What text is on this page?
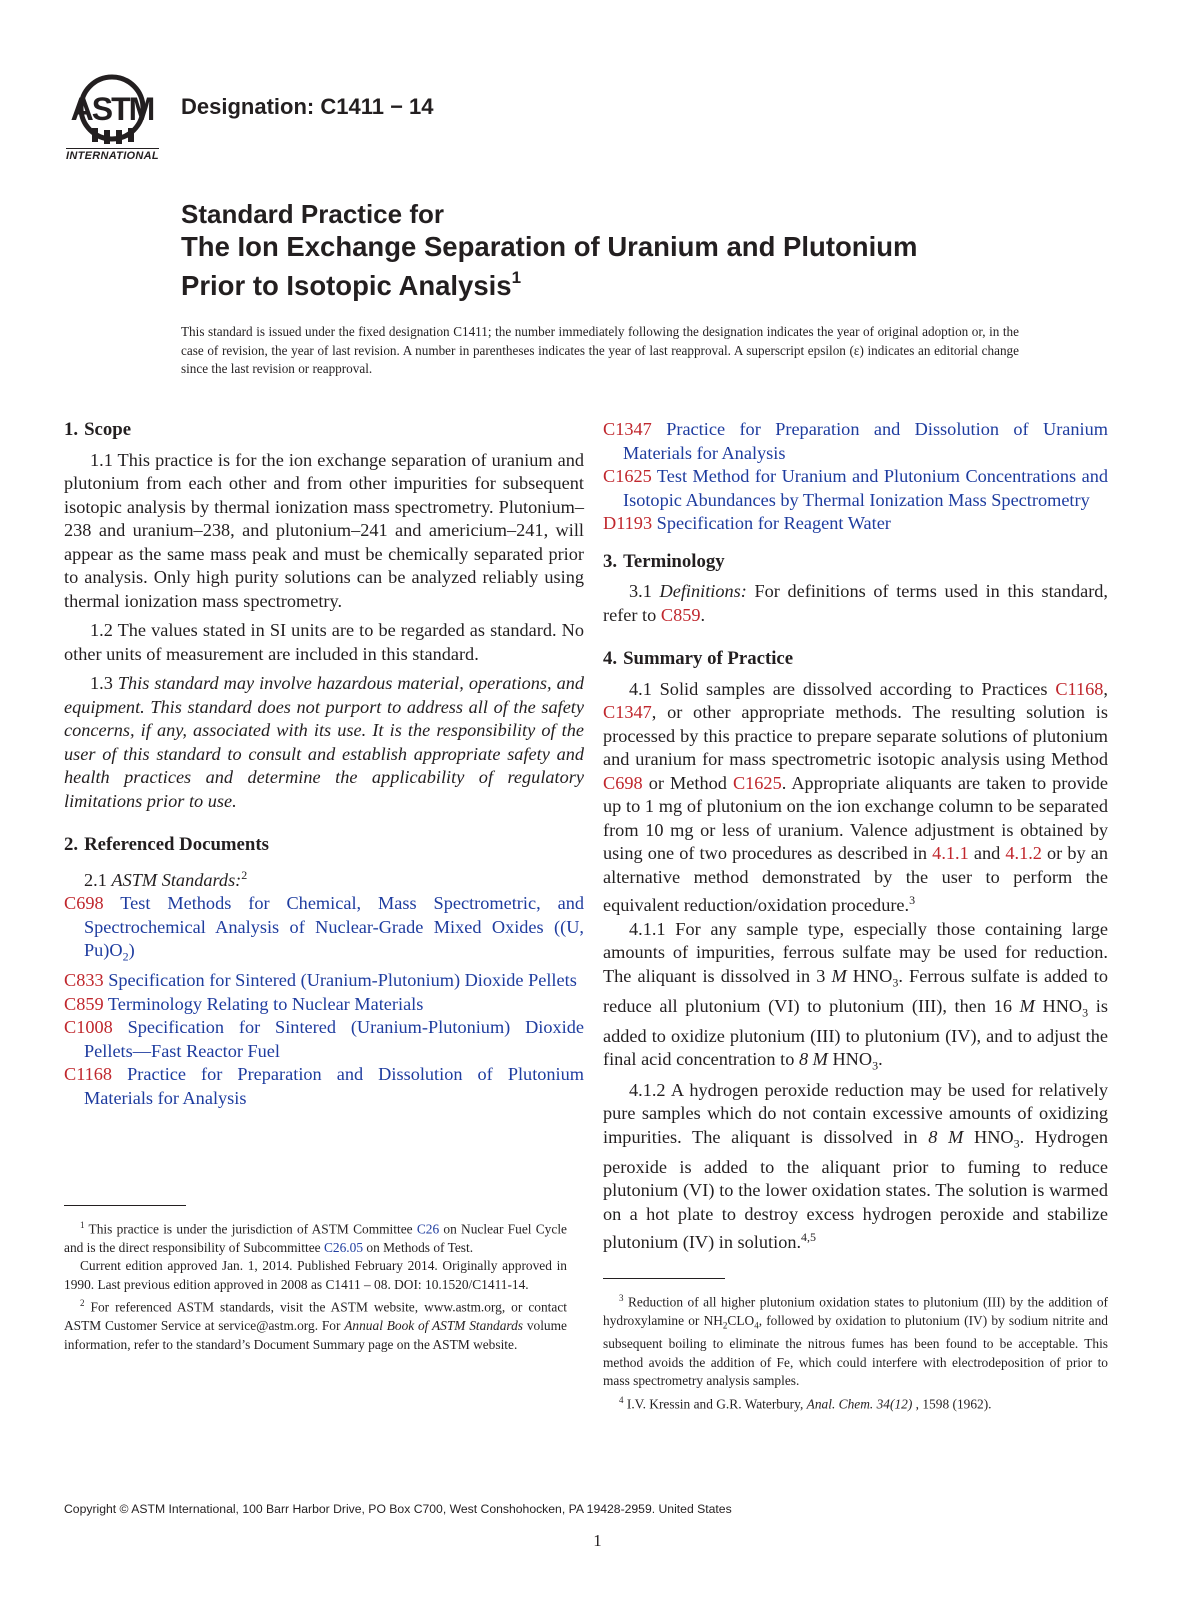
ASTM
INTERNATIONAL
Designation: C1411 − 14
Standard Practice for
The Ion Exchange Separation of Uranium and Plutonium
Prior to Isotopic Analysis$^1$
This standard is issued under the fixed designation C1411; the number immediately following the designation indicates the year of original adoption or, in the case of revision, the year of last revision. A number in parentheses indicates the year of last reapproval. A superscript epsilon (ε) indicates an editorial change since the last revision or reapproval.
1. Scope

1.1 This practice is for the ion exchange separation of uranium and plutonium from each other and from other impurities for subsequent isotopic analysis by thermal ionization mass spectrometry. Plutonium–238 and uranium–238, and plutonium–241 and americium–241, will appear as the same mass peak and must be chemically separated prior to analysis. Only high purity solutions can be analyzed reliably using thermal ionization mass spectrometry.

1.2 The values stated in SI units are to be regarded as standard. No other units of measurement are included in this standard.

1.3 This standard may involve hazardous material, operations, and equipment. This standard does not purport to address all of the safety concerns, if any, associated with its use. It is the responsibility of the user of this standard to consult and establish appropriate safety and health practices and determine the applicability of regulatory limitations prior to use.

2. Referenced Documents

2.1 ASTM Standards:$^2$

C698 Test Methods for Chemical, Mass Spectrometric, and Spectrochemical Analysis of Nuclear-Grade Mixed Oxides ((U, $Pu)O_2$)

C833 Specification for Sintered (Uranium-Plutonium) Dioxide Pellets

C859 Terminology Relating to Nuclear Materials

C1008 Specification for Sintered (Uranium-Plutonium) Dioxide Pellets—Fast Reactor Fuel

C1168 Practice for Preparation and Dissolution of Plutonium Materials for Analysis

$^1$ This practice is under the jurisdiction of ASTM Committee C26 on Nuclear Fuel Cycle and is the direct responsibility of Subcommittee C26.05 on Methods of Test.

Current edition approved Jan. 1, 2014. Published February 2014. Originally approved in 1990. Last previous edition approved in 2008 as C1411 – 08. DOI: 10.1520/C1411-14.

$^2$ For referenced ASTM standards, visit the ASTM website, www.astm.org, or contact ASTM Customer Service at service@astm.org. For Annual Book of ASTM Standards volume information, refer to the standard’s Document Summary page on the ASTM website.

C1347 Practice for Preparation and Dissolution of Uranium Materials for Analysis

C1625 Test Method for Uranium and Plutonium Concentrations and Isotopic Abundances by Thermal Ionization Mass Spectrometry

D1193 Specification for Reagent Water

3. Terminology

3.1 Definitions: For definitions of terms used in this standard, refer to C859.

4. Summary of Practice

4.1 Solid samples are dissolved according to Practices C1168, C1347, or other appropriate methods. The resulting solution is processed by this practice to prepare separate solutions of plutonium and uranium for mass spectrometric isotopic analysis using Method C698 or Method C1625. Appropriate aliquants are taken to provide up to 1 mg of plutonium on the ion exchange column to be separated from 10 mg or less of uranium. Valence adjustment is obtained by using one of two procedures as described in 4.1.1 and 4.1.2 or by an alternative method demonstrated by the user to perform the equivalent reduction/oxidation procedure.$^3$

4.1.1 For any sample type, especially those containing large amounts of impurities, ferrous sulfate may be used for reduction. The aliquant is dissolved in 3 M $HNO_3$. Ferrous sulfate is added to reduce all plutonium (VI) to plutonium (III), then 16 M $HNO_3$ is added to oxidize plutonium (III) to plutonium (IV), and to adjust the final acid concentration to 8 M $HNO_3$.

4.1.2 A hydrogen peroxide reduction may be used for relatively pure samples which do not contain excessive amounts of oxidizing impurities. The aliquant is dissolved in 8 M $HNO_3$. Hydrogen peroxide is added to the aliquant prior to fuming to reduce plutonium (VI) to the lower oxidation states. The solution is warmed on a hot plate to destroy excess hydrogen peroxide and stabilize plutonium (IV) in solution.$^{4,5}$

$^3$ Reduction of all higher plutonium oxidation states to plutonium (III) by the addition of hydroxylamine or $NH_2CLO_4$, followed by oxidation to plutonium (IV) by sodium nitrite and subsequent boiling to eliminate the nitrous fumes has been found to be acceptable. This method avoids the addition of Fe, which could interfere with electrodeposition of prior to mass spectrometry analysis samples.

$^4$ I.V. Kressin and G.R. Waterbury, Anal. Chem. 34(12) , 1598 (1962).

Copyright © ASTM International, 100 Barr Harbor Drive, PO Box C700, West Conshohocken, PA 19428-2959. United States
1
